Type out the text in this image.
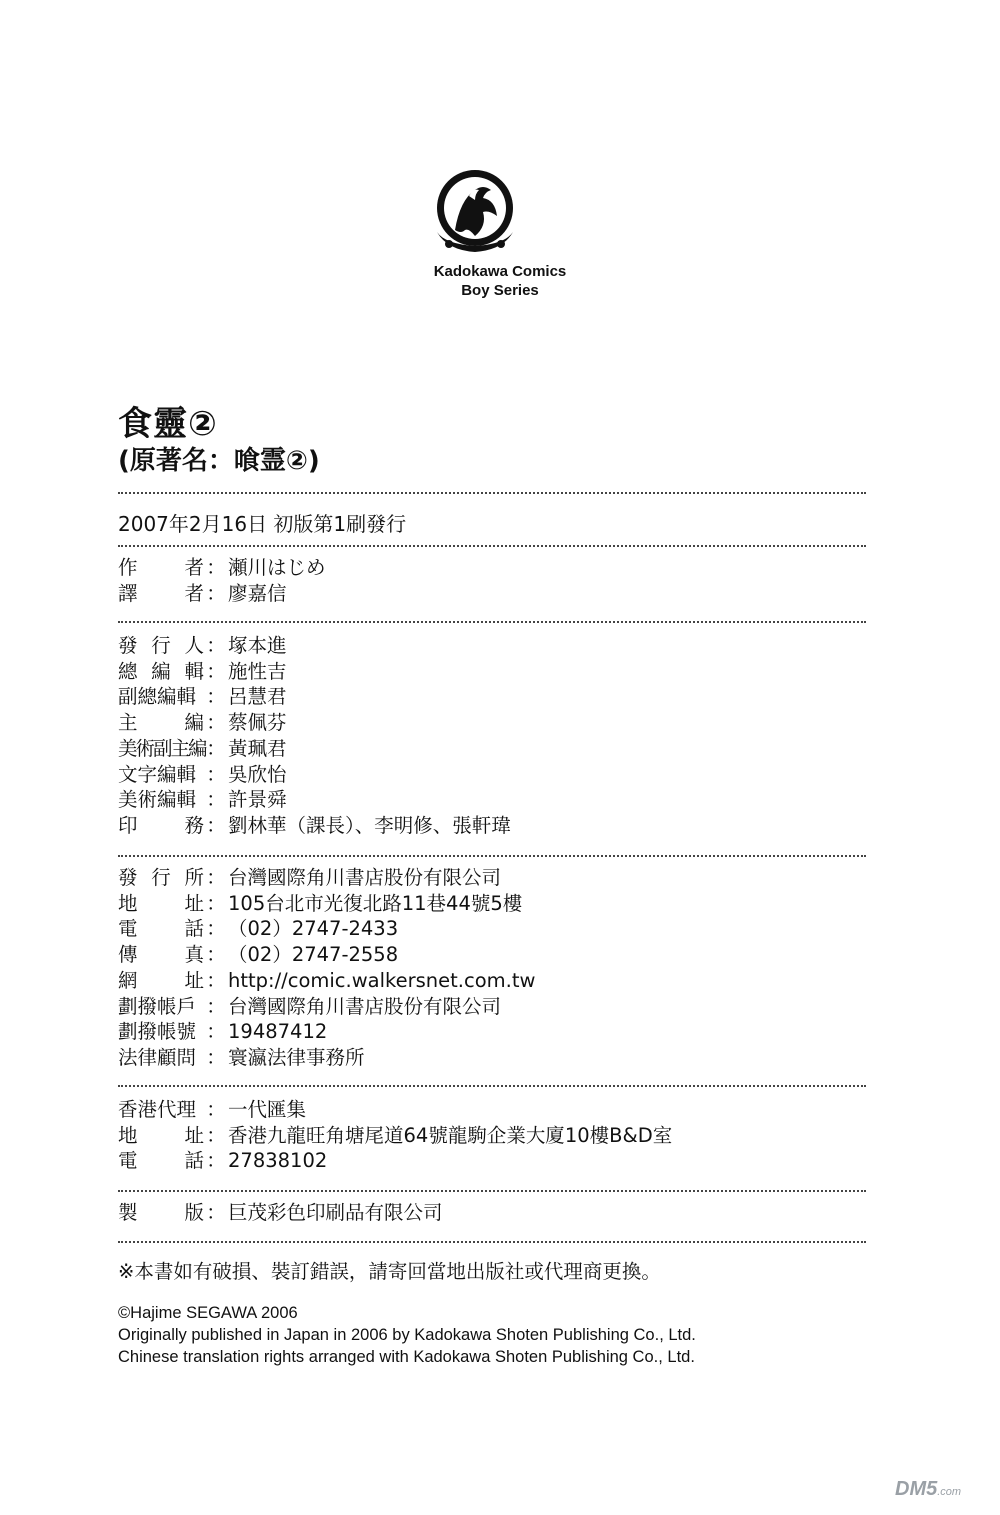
Kadokawa Comics
Boy Series
食靈②
(原著名：喰霊②)
2007年2月16日 初版第1刷發行
作 者 ： 瀬川はじめ
譯 者 ： 廖嘉信
發 行 人 ： 塚本進
總 編 輯 ： 施性吉
副總編輯 ： 呂慧君
主 編 ： 蔡佩芬
美術副主編 ： 黃珮君
文字編輯 ： 吳欣怡
美術編輯 ： 許景舜
印 務 ： 劉林華（課長）、李明修、張軒瑋
發 行 所 ： 台灣國際角川書店股份有限公司
地 址 ： 105台北市光復北路11巷44號5樓
電 話 ： （02）2747-2433
傳 真 ： （02）2747-2558
網 址 ： http://comic.walkersnet.com.tw
劃撥帳戶 ： 台灣國際角川書店股份有限公司
劃撥帳號 ： 19487412
法律顧問 ： 寰瀛法律事務所
香港代理 ： 一代匯集
地 址 ： 香港九龍旺角塘尾道64號龍駒企業大廈10樓B&D室
電 話 ： 27838102
製 版 ： 巨茂彩色印刷品有限公司
※本書如有破損、裝訂錯誤，請寄回當地出版社或代理商更換。
©Hajime SEGAWA 2006
Originally published in Japan in 2006 by Kadokawa Shoten Publishing Co., Ltd.
Chinese translation rights arranged with Kadokawa Shoten Publishing Co., Ltd.
DM5.com
